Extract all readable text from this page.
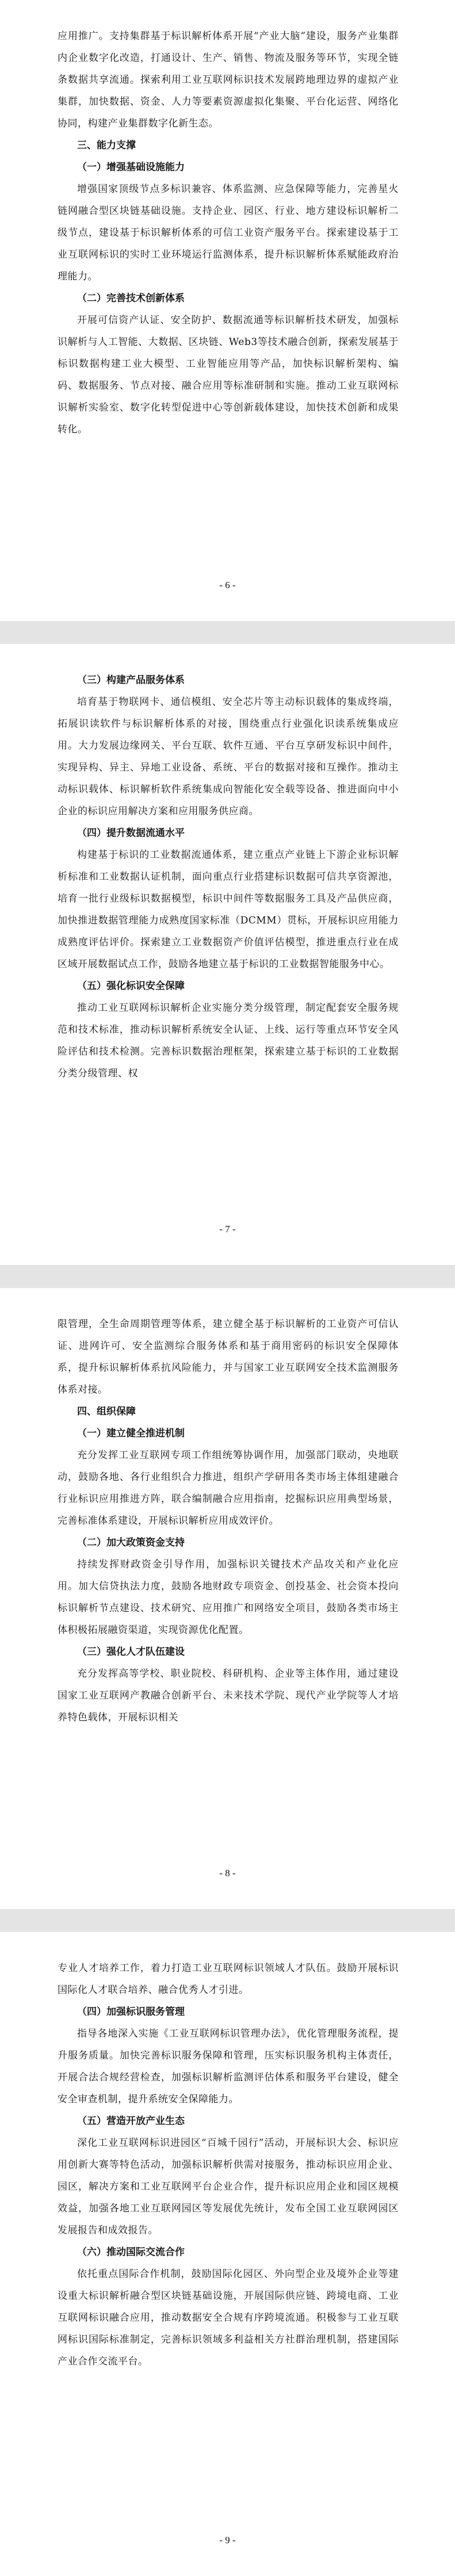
应用推广。支持集群基于标识解析体系开展“产业大脑”建设，服务产业集群内企业数字化改造，打通设计、生产、销售、物流及服务等环节，实现全链条数据共享流通。探索利用工业互联网标识技术发展跨地理边界的虚拟产业集群，加快数据、资金、人力等要素资源虚拟化集聚、平台化运营、网络化协同，构建产业集群数字化新生态。

三、能力支撑

（一）增强基础设施能力

增强国家顶级节点多标识兼容、体系监测、应急保障等能力，完善星火链网融合型区块链基础设施。支持企业、园区、行业、地方建设标识解析二级节点，建设基于标识解析体系的可信工业资产服务平台。探索建设基于工业互联网标识的实时工业环境运行监测体系，提升标识解析体系赋能政府治理能力。

（二）完善技术创新体系

开展可信资产认证、安全防护、数据流通等标识解析技术研发，加强标识解析与人工智能、大数据、区块链、Web3等技术融合创新，探索发展基于标识数据构建工业大模型、工业智能应用等产品，加快标识解析架构、编码、数据服务、节点对接、融合应用等标准研制和实施。推动工业互联网标识解析实验室、数字化转型促进中心等创新载体建设，加快技术创新和成果转化。

- 6 -

（三）构建产品服务体系

培育基于物联网卡、通信模组、安全芯片等主动标识载体的集成终端，拓展识读软件与标识解析体系的对接，围绕重点行业强化识读系统集成应用。大力发展边缘网关、平台互联、软件互通、平台互享研发标识中间件，实现异构、异主、异地工业设备、系统、平台的数据对接和互操作。推动主动标识载体、标识解析软件系统集成向智能化安全载等设备、推进面向中小企业的标识应用解决方案和应用服务供应商。

（四）提升数据流通水平

构建基于标识的工业数据流通体系，建立重点产业链上下游企业标识解析标准和工业数据认证机制，面向重点行业搭建标识数据可信共享资源池，培育一批行业级标识数据模型，标识中间件等数据服务工具及产品供应商，加快推进数据管理能力成熟度国家标准（DCMM）贯标，开展标识应用能力成熟度评估评价。探索建立工业数据资产价值评估模型，推进重点行业在成区域开展数据试点工作，鼓励各地建立基于标识的工业数据智能服务中心。

（五）强化标识安全保障

推动工业互联网标识解析企业实施分类分级管理，制定配套安全服务规范和技术标准，推动标识解析系统安全认证、上线、运行等重点环节安全风险评估和技术检测。完善标识数据治理框架，探索建立基于标识的工业数据分类分级管理、权

- 7 -

限管理，全生命周期管理等体系，建立健全基于标识解析的工业资产可信认证、进网许可、安全监测综合服务体系和基于商用密码的标识安全保障体系，提升标识解析体系抗风险能力，并与国家工业互联网安全技术监测服务体系对接。

四、组织保障

（一）建立健全推进机制

充分发挥工业互联网专项工作组统筹协调作用，加强部门联动，央地联动，鼓励各地、各行业组织合力推进，组织产学研用各类市场主体组建融合行业标识应用推进方阵，联合编制融合应用指南，挖掘标识应用典型场景，完善标准体系建设，开展标识解析应用成效评价。

（二）加大政策资金支持

持续发挥财政资金引导作用，加强标识关键技术产品攻关和产业化应用。加大信贷执法力度，鼓励各地财政专项资金、创投基金、社会资本投向标识解析节点建设、技术研究、应用推广和网络安全项目，鼓励各类市场主体积极拓展融资渠道，实现资源优化配置。

（三）强化人才队伍建设

充分发挥高等学校、职业院校、科研机构、企业等主体作用，通过建设国家工业互联网产教融合创新平台、未来技术学院、现代产业学院等人才培养特色载体，开展标识相关

- 8 -

专业人才培养工作，着力打造工业互联网标识领域人才队伍。鼓励开展标识国际化人才联合培养、融合优秀人才引进。

（四）加强标识服务管理

指导各地深入实施《工业互联网标识管理办法》，优化管理服务流程，提升服务质量。加快完善标识服务保障和管理，压实标识服务机构主体责任，开展合法合规经营检查，加强标识解析监测评估体系和服务平台建设，健全安全审查机制，提升系统安全保障能力。

（五）营造开放产业生态

深化工业互联网标识进园区“百城千园行”活动，开展标识大会、标识应用创新大赛等特色活动，加强标识解析供需对接服务，推动标识应用企业、园区，解决方案和工业互联网平台企业合作，提升标识应用企业和园区规模效益，加强各地工业互联网园区等发展优先统计，发布全国工业互联网园区发展报告和成效报告。

（六）推动国际交流合作

依托重点国际合作机制，鼓励国际化园区、外向型企业及境外企业等建设重大标识解析融合型区块链基础设施，开展国际供应链、跨境电商、工业互联网标识融合应用，推动数据安全合规有序跨境流通。积极参与工业互联网标识国际标准制定，完善标识领域多利益相关方社群治理机制，搭建国际产业合作交流平台。

- 9 -
